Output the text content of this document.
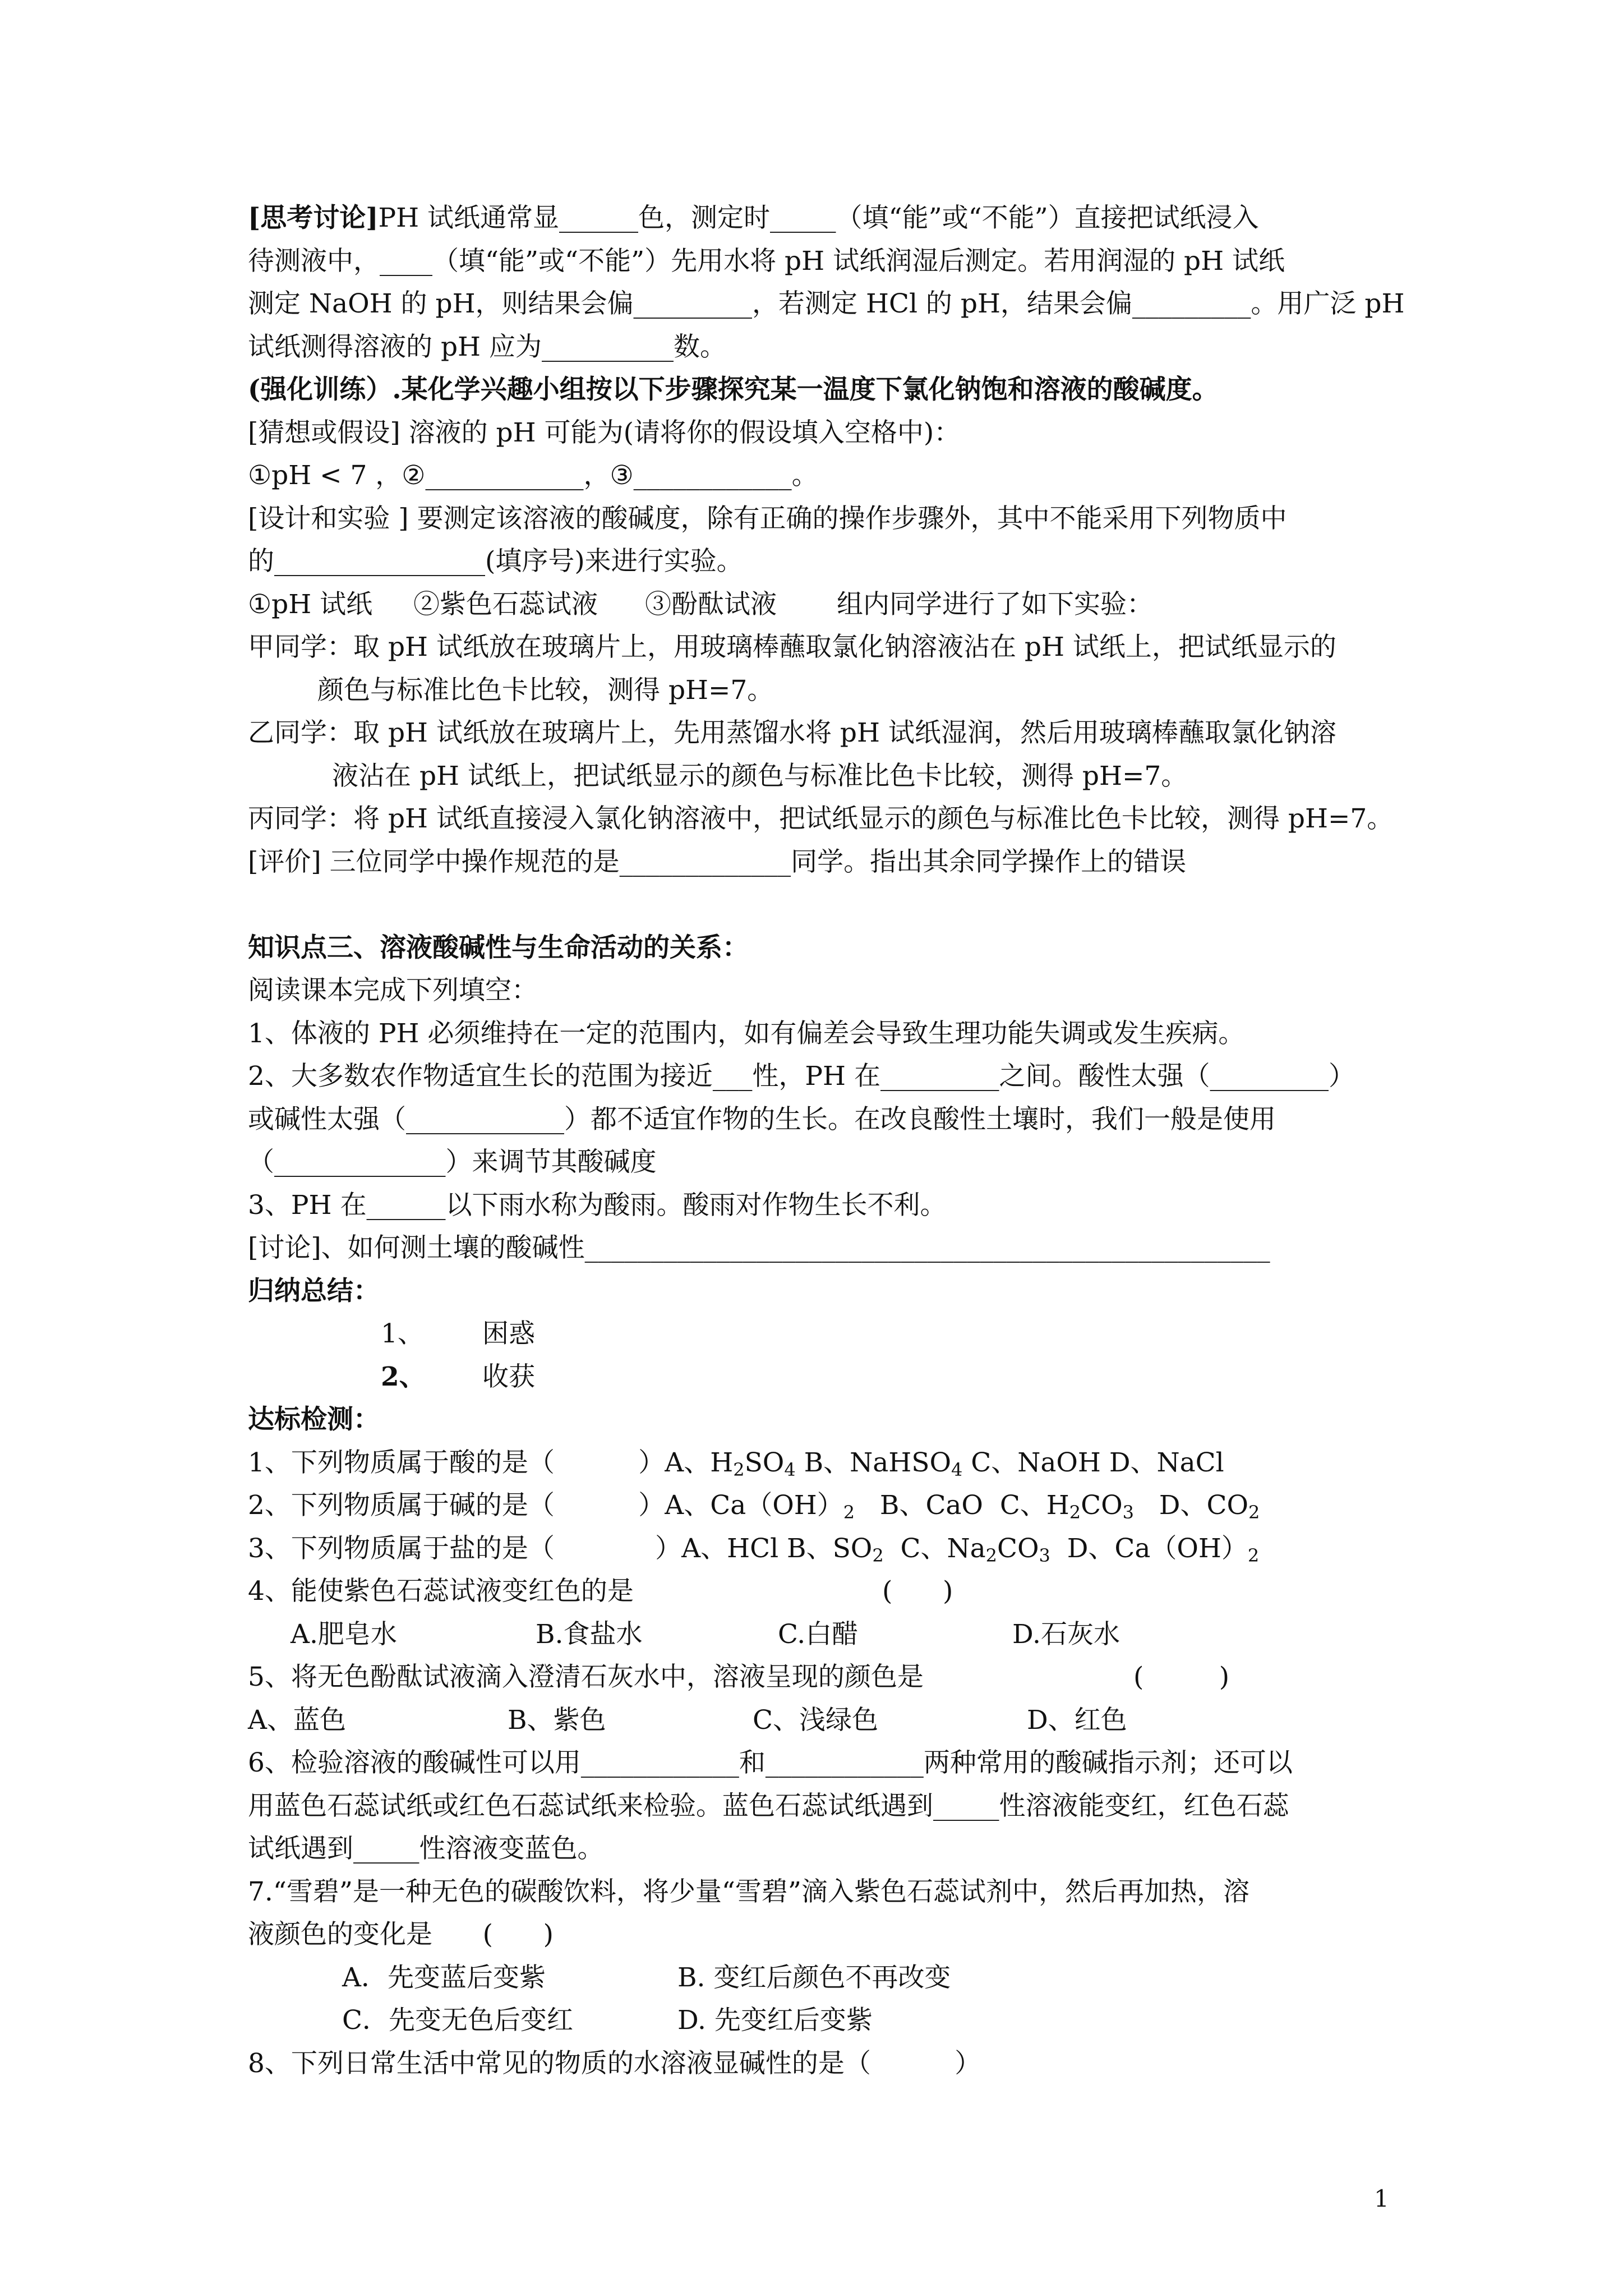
[思考讨论]PH 试纸通常显______色，测定时_____（填“能”或“不能”）直接把试纸浸入
待测液中，____（填“能”或“不能”）先用水将 pH 试纸润湿后测定。若用润湿的 pH 试纸
测定 NaOH 的 pH，则结果会偏_________，若测定 HCl 的 pH，结果会偏_________。用广泛 pH
试纸测得溶液的 pH 应为__________数。
(强化训练）.某化学兴趣小组按以下步骤探究某一温度下氯化钠饱和溶液的酸碱度。
[猜想或假设] 溶液的 pH 可能为(请将你的假设填入空格中)：
①pH < 7 ，②____________，③____________。
[设计和实验 ] 要测定该溶液的酸碱度，除有正确的操作步骤外，其中不能采用下列物质中
的________________(填序号)来进行实验。

①pH 试纸

②紫色石蕊试液

③酚酞试液

组内同学进行了如下实验：

甲同学：取 pH 试纸放在玻璃片上，用玻璃棒蘸取氯化钠溶液沾在 pH 试纸上，把试纸显示的
颜色与标准比色卡比较，测得 pH=7。
乙同学：取 pH 试纸放在玻璃片上，先用蒸馏水将 pH 试纸湿润，然后用玻璃棒蘸取氯化钠溶
液沾在 pH 试纸上，把试纸显示的颜色与标准比色卡比较，测得 pH=7。
丙同学：将 pH 试纸直接浸入氯化钠溶液中，把试纸显示的颜色与标准比色卡比较，测得 pH=7。
[评价] 三位同学中操作规范的是_____________同学。指出其余同学操作上的错误
知识点三、溶液酸碱性与生命活动的关系：
阅读课本完成下列填空：
1、体液的 PH 必须维持在一定的范围内，如有偏差会导致生理功能失调或发生疾病。
2、大多数农作物适宜生长的范围为接近___性，PH 在_________之间。酸性太强（_________）
或碱性太强（____________）都不适宜作物的生长。在改良酸性土壤时，我们一般是使用
（_____________）来调节其酸碱度
3、PH 在______以下雨水称为酸雨。酸雨对作物生长不利。
[讨论]、如何测土壤的酸碱性____________________________________________________
归纳总结：

1、

困惑

2、

收获

达标检测：
1、下列物质属于酸的是（          ）A、$H_2SO_4$ B、NaHSO$_4$ C、NaOH D、NaCl
2、下列物质属于碱的是（          ）A、$Ca(OH)_2$   B、CaO  C、$H_2CO_3$   D、$CO_2$
3、下列物质属于盐的是（            ）A、HCl B、$SO_2$  C、$Na_2CO_3$  D、$Ca(OH)_2$

4、能使紫色石蕊试液变红色的是

	(      )

A.肥皂水

	B.食盐水

	C.白醋

	D.石灰水

5、将无色酚酞试液滴入澄清石灰水中，溶液呈现的颜色是

	(         )

A、蓝色

	B、紫色

	C、浅绿色

	D、红色

6、检验溶液的酸碱性可以用____________和____________两种常用的酸碱指示剂；还可以
用蓝色石蕊试纸或红色石蕊试纸来检验。蓝色石蕊试纸遇到_____性溶液能变红，红色石蕊
试纸遇到_____性溶液变蓝色。
7.“雪碧”是一种无色的碳酸饮料，将少量“雪碧”滴入紫色石蕊试剂中，然后再加热，溶
液颜色的变化是      (      )

A．先变蓝后变紫

	B. 变红后颜色不再改变

C．先变无色后变红

	D. 先变红后变紫

8、下列日常生活中常见的物质的水溶液显碱性的是（          ）
1
